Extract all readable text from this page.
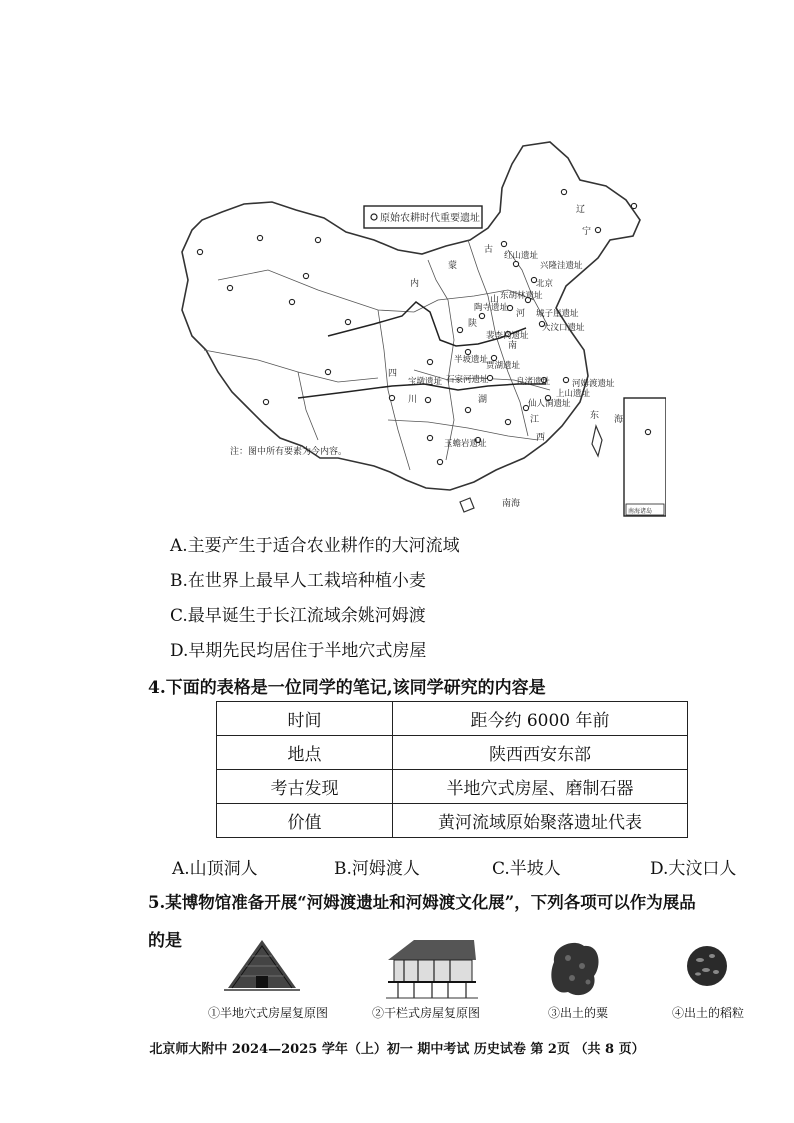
南海诸岛
原始农耕时代重要遗址
注：图中所有要素为今内容。
南海
红山遗址
兴隆洼遗址
北京
东胡林遗址
大汶口遗址
城子崖遗址
半坡遗址
贾湖遗址
裴李岗遗址
石家河遗址	良渚遗址	河姆渡遗址
上山遗址
仙人洞遗址
宝墩遗址
玉蟾岩遗址
陶寺遗址
辽
宁
内
蒙
古
山
陕
河
南
四
川	湖
江
西
东 海
A.主要产生于适合农业耕作的大河流域
B.在世界上最早人工栽培种植小麦
C.最早诞生于长江流域余姚河姆渡
D.早期先民均居住于半地穴式房屋
4.下面的表格是一位同学的笔记,该同学研究的内容是
时间	距今约 6000 年前
地点	陕西西安东部
考古发现	半地穴式房屋、磨制石器
价值	黄河流域原始聚落遗址代表
A.山顶洞人	B.河姆渡人	C.半坡人	D.大汶口人
5.某博物馆准备开展“河姆渡遗址和河姆渡文化展”，下列各项可以作为展品
的是
①半地穴式房屋复原图	②干栏式房屋复原图	③出土的粟	④出土的稻粒
北京师大附中 2024—2025 学年（上）初一 期中考试 历史试卷 第 2页 （共 8 页）
